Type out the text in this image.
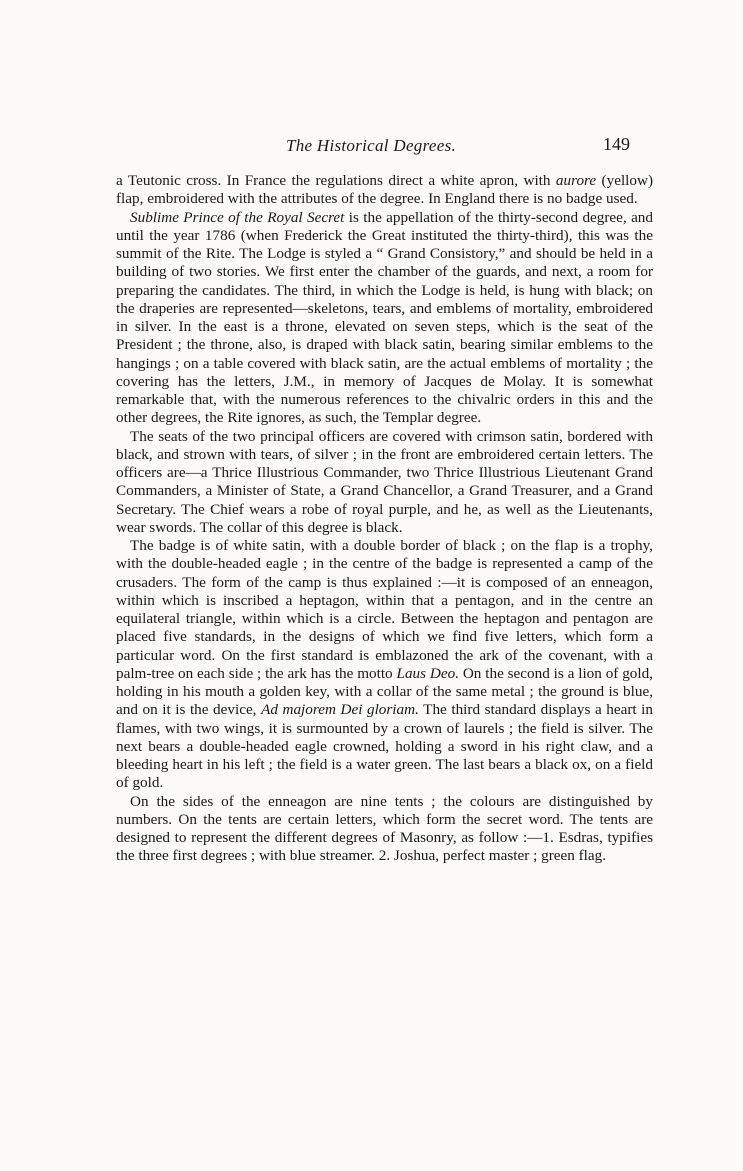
The Historical Degrees.	149

a Teutonic cross. In France the regulations direct a white apron, with aurore (yellow) flap, embroidered with the attributes of the degree. In England there is no badge used.

Sublime Prince of the Royal Secret is the appellation of the thirty-second degree, and until the year 1786 (when Frederick the Great instituted the thirty-third), this was the summit of the Rite. The Lodge is styled a “ Grand Consistory,” and should be held in a building of two stories. We first enter the chamber of the guards, and next, a room for preparing the candidates. The third, in which the Lodge is held, is hung with black; on the draperies are represented—skeletons, tears, and emblems of mortality, embroidered in silver. In the east is a throne, elevated on seven steps, which is the seat of the President ; the throne, also, is draped with black satin, bearing similar emblems to the hangings ; on a table covered with black satin, are the actual emblems of mortality ; the covering has the letters, J.M., in memory of Jacques de Molay. It is somewhat remarkable that, with the numerous references to the chivalric orders in this and the other degrees, the Rite ignores, as such, the Templar degree.

The seats of the two principal officers are covered with crimson satin, bordered with black, and strown with tears, of silver ; in the front are embroidered certain letters. The officers are—a Thrice Illustrious Commander, two Thrice Illustrious Lieutenant Grand Commanders, a Minister of State, a Grand Chancellor, a Grand Treasurer, and a Grand Secretary. The Chief wears a robe of royal purple, and he, as well as the Lieutenants, wear swords. The collar of this degree is black.

The badge is of white satin, with a double border of black ; on the flap is a trophy, with the double-headed eagle ; in the centre of the badge is represented a camp of the crusaders. The form of the camp is thus explained :—it is composed of an enneagon, within which is inscribed a heptagon, within that a pentagon, and in the centre an equilateral triangle, within which is a circle. Between the heptagon and pentagon are placed five standards, in the designs of which we find five letters, which form a particular word. On the first standard is emblazoned the ark of the covenant, with a palm-tree on each side ; the ark has the motto Laus Deo. On the second is a lion of gold, holding in his mouth a golden key, with a collar of the same metal ; the ground is blue, and on it is the device, Ad majorem Dei gloriam. The third standard displays a heart in flames, with two wings, it is surmounted by a crown of laurels ; the field is silver. The next bears a double-headed eagle crowned, holding a sword in his right claw, and a bleeding heart in his left ; the field is a water green. The last bears a black ox, on a field of gold.

On the sides of the enneagon are nine tents ; the colours are distinguished by numbers. On the tents are certain letters, which form the secret word. The tents are designed to represent the different degrees of Masonry, as follow :—1. Esdras, typifies the three first degrees ; with blue streamer. 2. Joshua, perfect master ; green flag.
